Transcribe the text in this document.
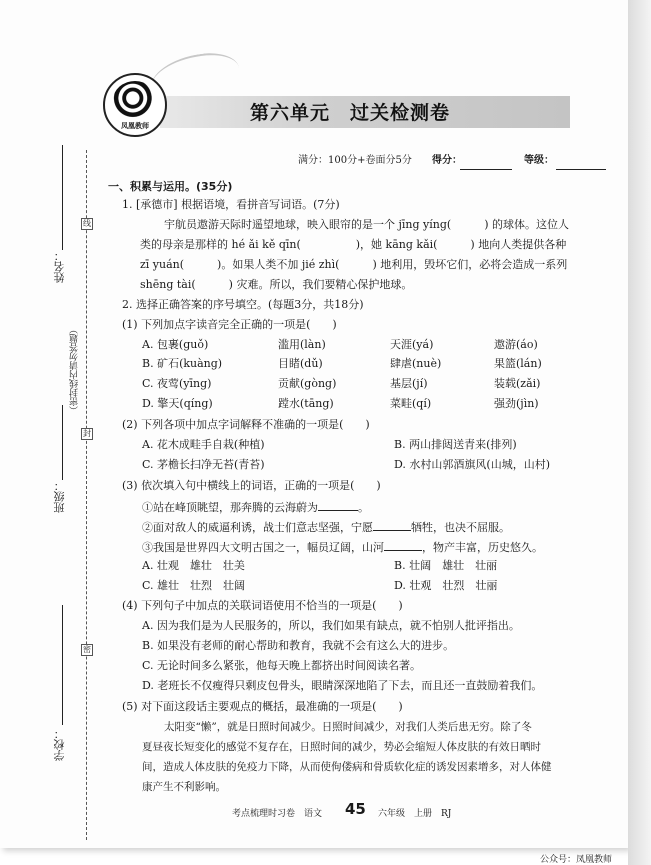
凤凰教师
第六单元　过关检测卷
满分：100分+卷面分5分 得分：	等级：
姓名：
班级：
学校：
线
（密封线内请勿答题）
封
密
一、积累与运用。(35分)
1. [承德市] 根据语境，看拼音写词语。(7分)
宇航员遨游天际时遥望地球，映入眼帘的是一个 jīng yíng(　　　) 的球体。这位人
类的母亲是那样的 hé ǎi kě qīn(　　　　　)，她 kāng kǎi(　　　) 地向人类提供各种
zī yuán(　　　)。如果人类不加 jié zhì(　　　) 地利用，毁坏它们，必将会造成一系列
shēng tài(　　　) 灾难。所以，我们要精心保护地球。
2. 选择正确答案的序号填空。(每题3分，共18分)
(1) 下列加点字读音完全正确的一项是(　　)
A. 包裹(guǒ)	滥用(làn)	天涯(yá)	遨游(áo)
B. 矿石(kuàng)	目睹(dǔ)	肆虐(nuè)	果篮(lán)
C. 夜莺(yīng)	贡献(gòng)	基层(jí)	装载(zǎi)
D. 擎天(qíng)	蹚水(tāng)	菜畦(qí)	强劲(jìn)
(2) 下列各项中加点字词解释不准确的一项是(　　)
A. 花木成畦手自栽(种植)	B. 两山排闼送青来(排列)
C. 茅檐长扫净无苔(青苔)	D. 水村山郭酒旗风(山城，山村)
(3) 依次填入句中横线上的词语，正确的一项是(　　)
①站在峰顶眺望，那奔腾的云海蔚为	。
②面对敌人的威逼利诱，战士们意志坚强，宁愿	牺牲，也决不屈服。
③我国是世界四大文明古国之一，幅员辽阔，山河	，物产丰富，历史悠久。
A. 壮观　雄壮　壮美	B. 壮阔　雄壮　壮丽
C. 雄壮　壮烈　壮阔	D. 壮观　壮烈　壮丽
(4) 下列句子中加点的关联词语使用不恰当的一项是(　　)
A. 因为我们是为人民服务的，所以，我们如果有缺点，就不怕别人批评指出。
B. 如果没有老师的耐心帮助和教育，我就不会有这么大的进步。
C. 无论时间多么紧张，他每天晚上都挤出时间阅读名著。
D. 老班长不仅瘦得只剩皮包骨头，眼睛深深地陷了下去，而且还一直鼓励着我们。
(5) 对下面这段话主要观点的概括，最准确的一项是(　　)
太阳变“懒”，就是日照时间减少。日照时间减少，对我们人类后患无穷。除了冬
夏昼夜长短变化的感觉不复存在，日照时间的减少，势必会缩短人体皮肤的有效日晒时
间，造成人体皮肤的免疫力下降，从而使佝偻病和骨质软化症的诱发因素增多，对人体健
康产生不利影响。
考点梳理时习卷　语文 45 六年级　上册　RJ
公众号：凤凰教师
